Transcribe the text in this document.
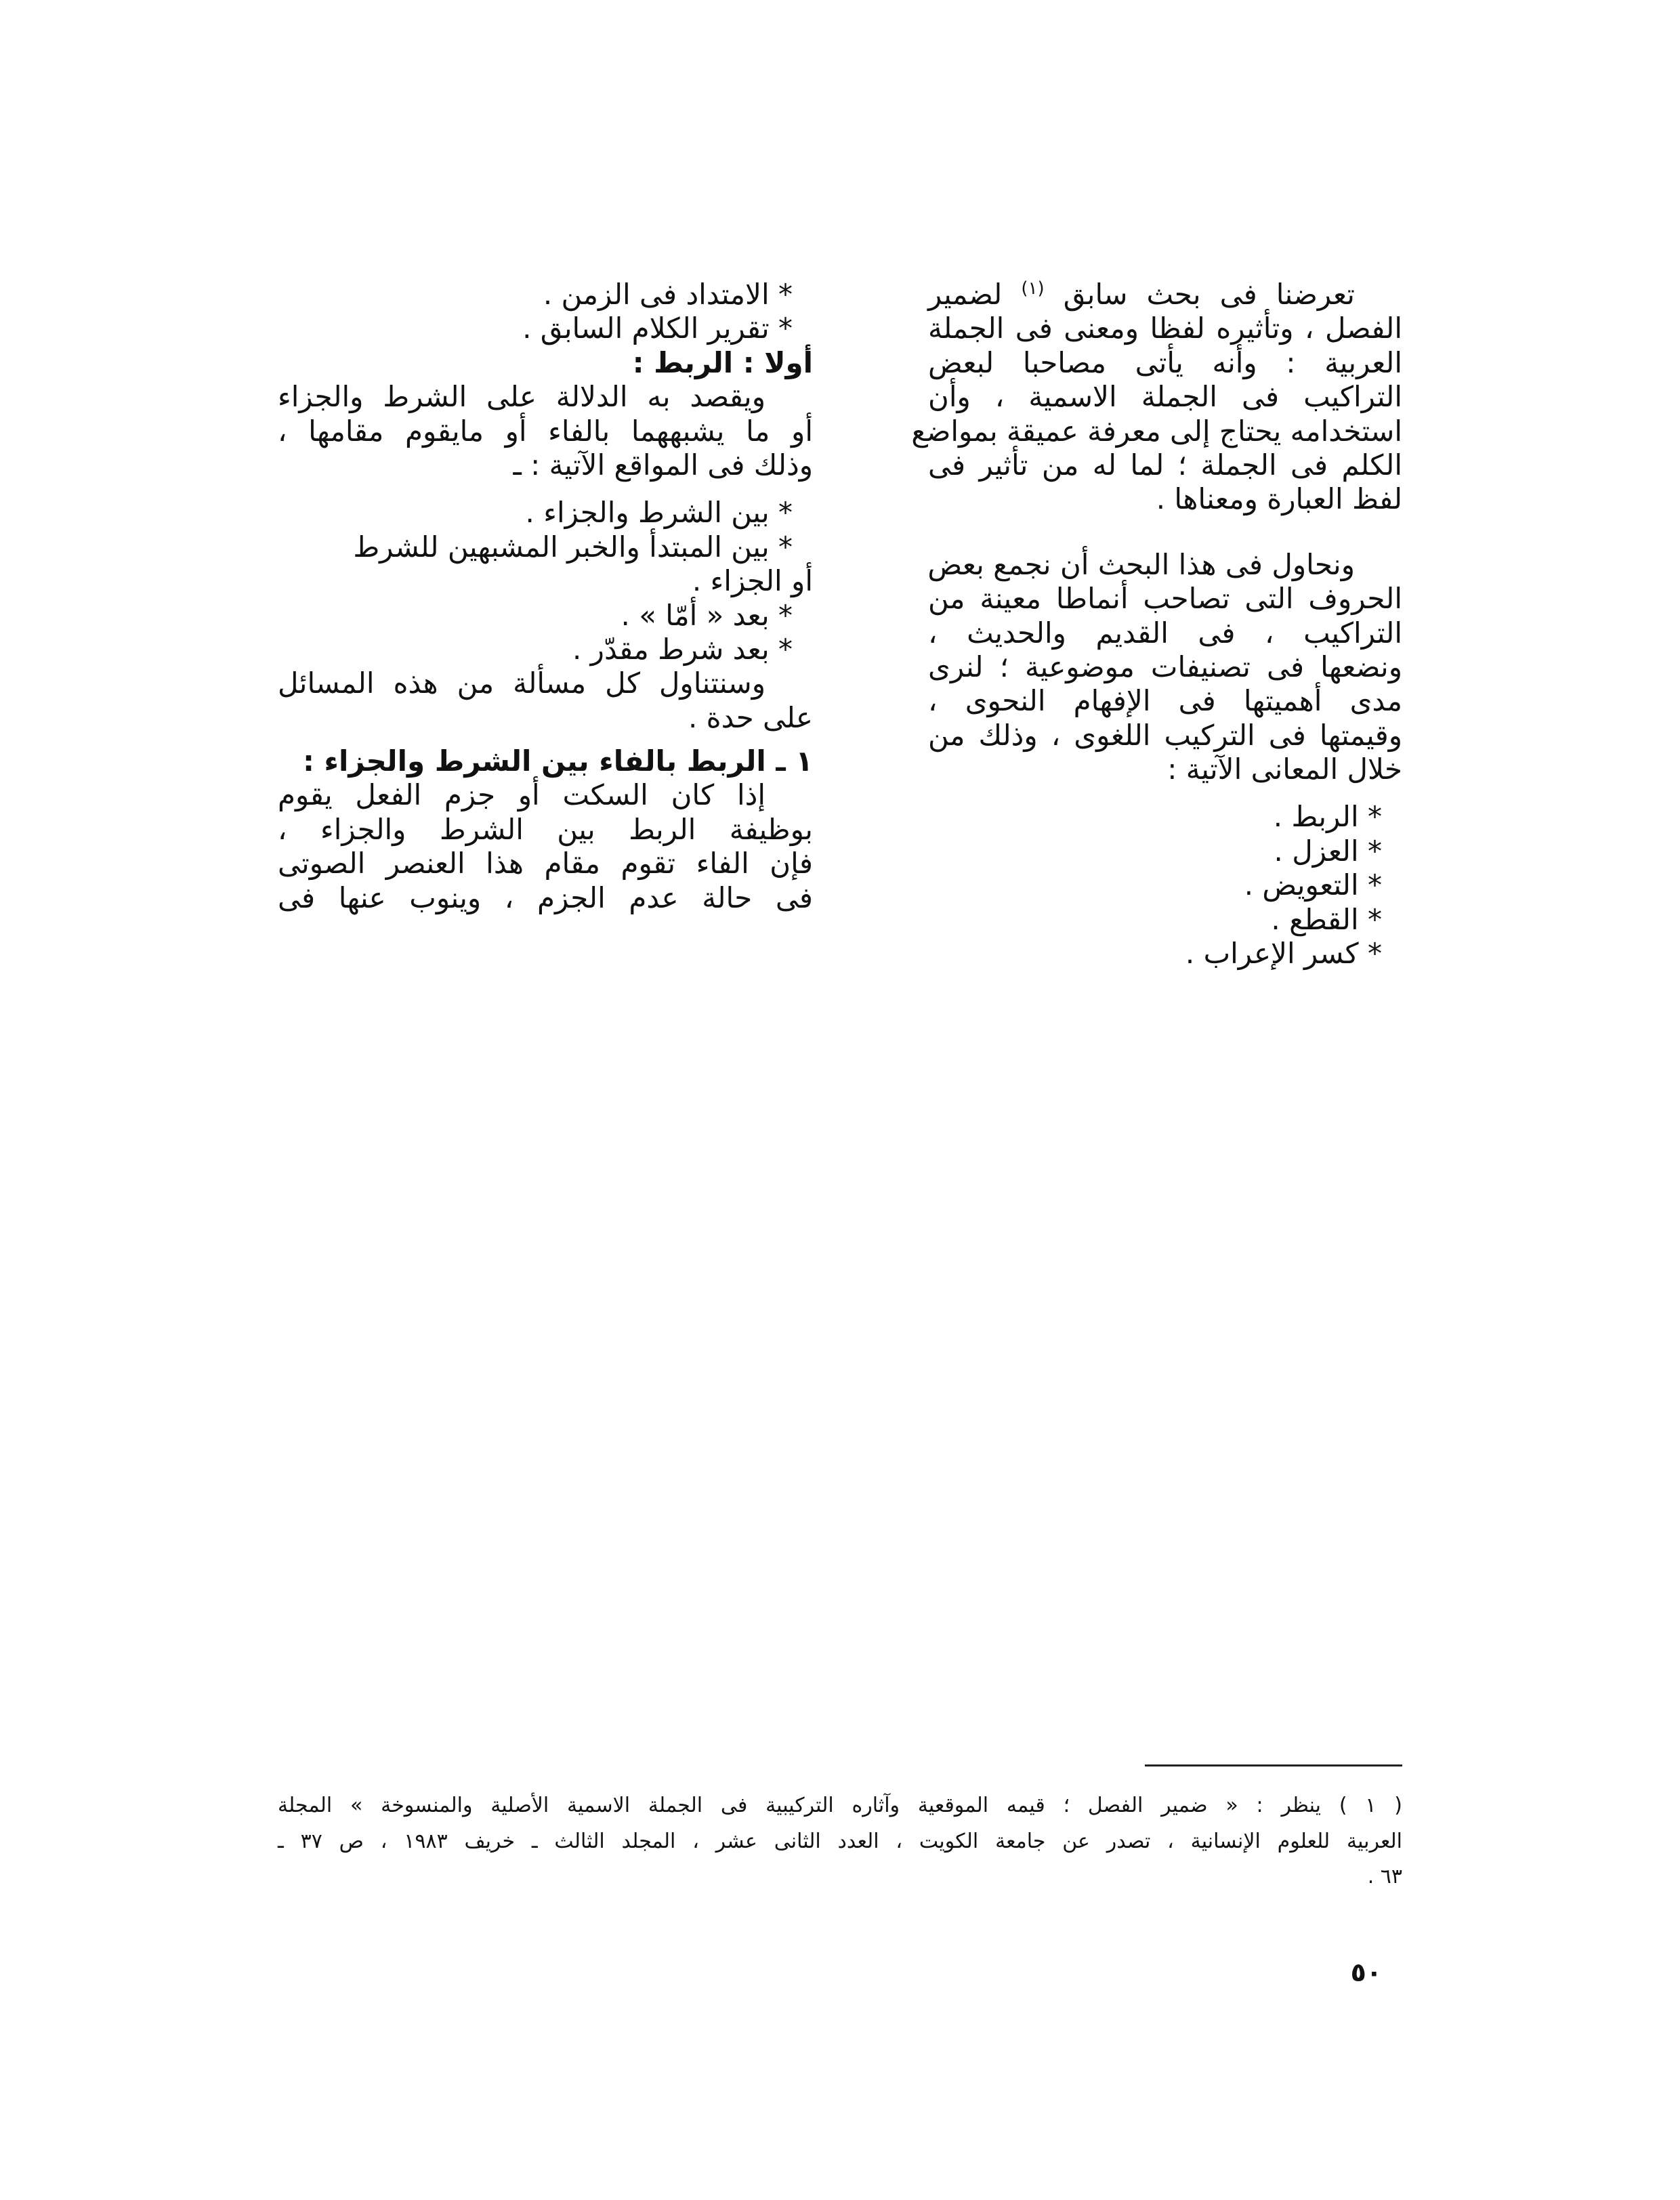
تعرضنا فى بحث سابق $^{(١)}$ لضمير
الفصل ، وتأثيره لفظا ومعنى فى الجملة
العربية : وأنه يأتى مصاحبا لبعض
التراكيب فى الجملة الاسمية ، وأن
استخدامه يحتاج إلى معرفة عميقة بمواضع
الكلم فى الجملة ؛ لما له من تأثير فى
لفظ العبارة ومعناها .
ونحاول فى هذا البحث أن نجمع بعض
الحروف التى تصاحب أنماطا معينة من
التراكيب ، فى القديم والحديث ،
ونضعها فى تصنيفات موضوعية ؛ لنرى
مدى أهميتها فى الإفهام النحوى ،
وقيمتها فى التركيب اللغوى ، وذلك من
خلال المعانى الآتية :
* الربط .
* العزل .
* التعويض .
* القطع .
* كسر الإعراب .
* الامتداد فى الزمن .
* تقرير الكلام السابق .
أولا : الربط :
ويقصد به الدلالة على الشرط والجزاء
أو ما يشبههما بالفاء أو مايقوم مقامها ،
وذلك فى المواقع الآتية : ـ
* بين الشرط والجزاء .
* بين المبتدأ والخبر المشبهين للشرط
أو الجزاء .
* بعد « أمّا » .
* بعد شرط مقدّر .
وسنتناول كل مسألة من هذه المسائل
على حدة .
١ ـ الربط بالفاء بين الشرط والجزاء :
إذا كان السكت أو جزم الفعل يقوم
بوظيفة الربط بين الشرط والجزاء ،
فإن الفاء تقوم مقام هذا العنصر الصوتى
فى حالة عدم الجزم ، وينوب عنها فى
( ١ ) ينظر : « ضمير الفصل ؛ قيمه الموقعية وآثاره التركيبية فى الجملة الاسمية الأصلية والمنسوخة » المجلة
العربية للعلوم الإنسانية ، تصدر عن جامعة الكويت ، العدد الثانى عشر ، المجلد الثالث ـ خريف ١٩٨٣ ، ص ٣٧ ـ
٦٣ .
٥٠
